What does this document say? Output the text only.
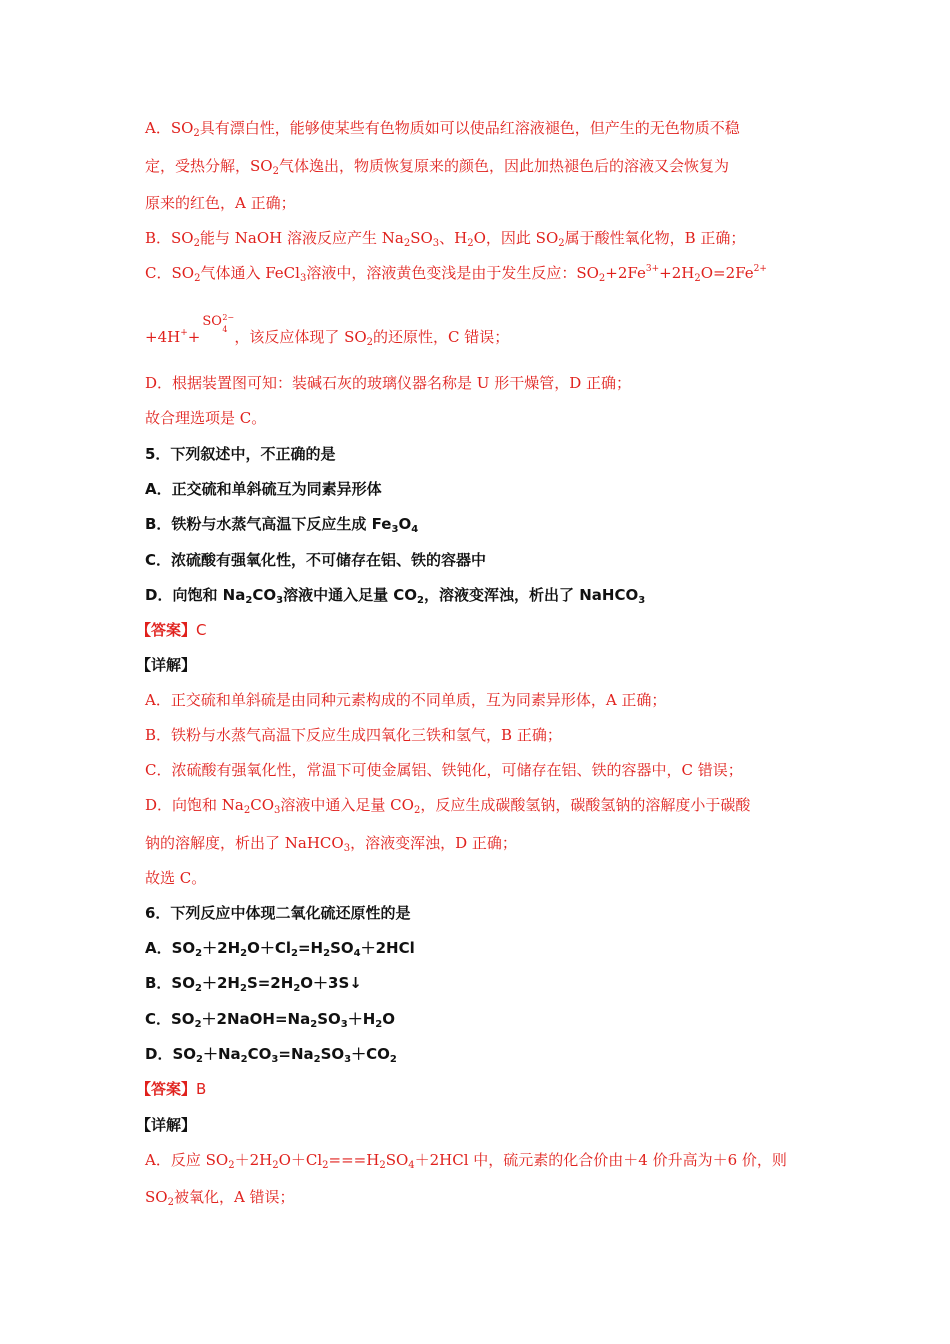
A．$SO_2$具有漂白性，能够使某些有色物质如可以使品红溶液褪色，但产生的无色物质不稳
定，受热分解，$SO_2$气体逸出，物质恢复原来的颜色，因此加热褪色后的溶液又会恢复为
原来的红色，A 正确；
B．$SO_2$能与 NaOH 溶液反应产生 $Na_2SO_3$、$H_2O$，因此 $SO_2$属于酸性氧化物，B 正确；
C．$SO_2$气体通入 FeCl$_3$溶液中，溶液黄色变浅是由于发生反应：$SO_2+2Fe^{3+}+2H_2O=2Fe^{2+}$
+4H++
SO 2−
4 ，该反应体现了 $SO_2$的还原性，C 错误；
D．根据装置图可知：装碱石灰的玻璃仪器名称是 U 形干燥管，D 正确；
故合理选项是 C。
5．下列叙述中，不正确的是
A．正交硫和单斜硫互为同素异形体
B．铁粉与水蒸气高温下反应生成 $Fe_3O_4$
C．浓硫酸有强氧化性，不可储存在铝、铁的容器中
D．向饱和 $Na_2CO_3$溶液中通入足量 $CO_2$，溶液变浑浊，析出了 NaHCO$_3$
【答案】C
【详解】
A．正交硫和单斜硫是由同种元素构成的不同单质，互为同素异形体，A 正确；
B．铁粉与水蒸气高温下反应生成四氧化三铁和氢气，B 正确；
C．浓硫酸有强氧化性，常温下可使金属铝、铁钝化，可储存在铝、铁的容器中，C 错误；
D．向饱和 $Na_2CO_3$溶液中通入足量 $CO_2$，反应生成碳酸氢钠，碳酸氢钠的溶解度小于碳酸
钠的溶解度，析出了 NaHCO$_3$，溶液变浑浊，D 正确；
故选 C。
6．下列反应中体现二氧化硫还原性的是
A．$SO_2+2H_2O+Cl_2=H_2SO_4+2HCl$
B．$SO_2+2H_2S=2H_2O+3S↓$
C．$SO_2+2NaOH=Na_2SO_3+H_2O$
D．$SO_2+Na_2CO_3=Na_2SO_3+CO_2$
【答案】B
【详解】
A．反应 $SO_2+2H_2O+Cl_2===H_2SO_4+2HCl$ 中，硫元素的化合价由＋4 价升高为＋6 价，则
$SO_2$被氧化，A 错误；
